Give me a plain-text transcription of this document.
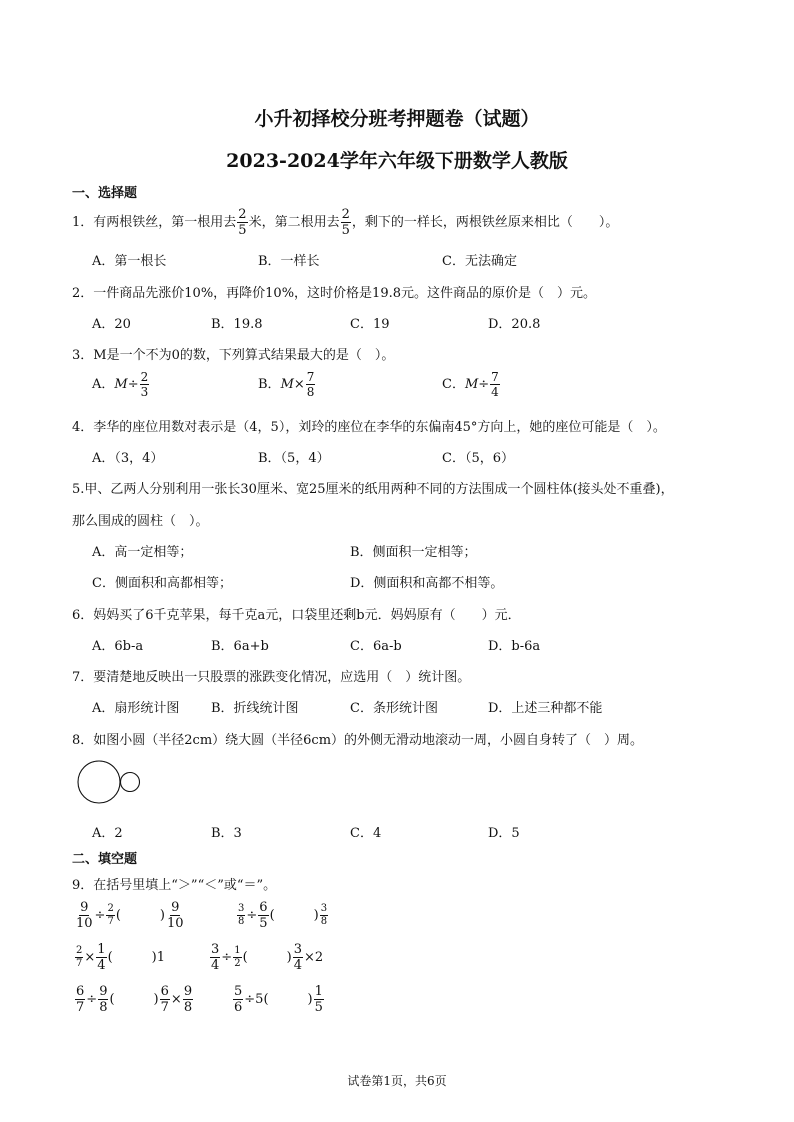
小升初择校分班考押题卷（试题）
2023-2024学年六年级下册数学人教版
一、选择题
1．有两根铁丝，第一根用去 $\frac{2}{5}$ 米，第二根用去 $\frac{2}{5}$ ，剩下的一样长，两根铁丝原来相比（　　）。
A．第一根长	B．一样长	C．无法确定
2．一件商品先涨价10%，再降价10%，这时价格是19.8元。这件商品的原价是（　）元。
A．20	B．19.8	C．19	D．20.8
3．M是一个不为0的数，下列算式结果最大的是（　）。
A．$M\div \frac{2}{3}$	B．$M\times \frac{7}{8}$	C．$M\div \frac{7}{4}$
4．李华的座位用数对表示是（4，5），刘玲的座位在李华的东偏南45°方向上，她的座位可能是（　）。
A．（3，4）	B．（5，4）	C．（5，6）
5.甲、乙两人分别利用一张长30厘米、宽25厘米的纸用两种不同的方法围成一个圆柱体(接头处不重叠)，
那么围成的圆柱（　）。
A．高一定相等；	B．侧面积一定相等；
C．侧面积和高都相等；	D．侧面积和高都不相等。
6．妈妈买了6千克苹果，每千克a元，口袋里还剩b元．妈妈原有（　　）元．
A．6b-a	B．6a+b	C．6a-b	D．b-6a
7．要清楚地反映出一只股票的涨跌变化情况，应选用（　）统计图。
A．扇形统计图 B．折线统计图	C．条形统计图	D．上述三种都不能
8．如图小圆（半径2cm）绕大圆（半径6cm）的外侧无滑动地滚动一周，小圆自身转了（　）周。
A．2	B．3	C．4	D．5
二、填空题
9．在括号里填上“＞”“＜”或“＝”。
$\frac{9}{10} \div \frac{2}{7}$ (　　　) $\frac{9}{10}$	$\frac{3}{8} \div \frac{6}{5}$ (　　　) $\frac{3}{8}$
$\frac{2}{7} \times \frac{1}{4}$ (　　　)1	$\frac{3}{4} \div \frac{1}{2}$ (　　　) $\frac{3}{4} \times 2$
$\frac{6}{7} \div \frac{9}{8}$ (　　　) $\frac{6}{7} \times \frac{9}{8}$	$\frac{5}{6} \div 5$(　　　) $\frac{1}{5}$
试卷第1页，共6页
